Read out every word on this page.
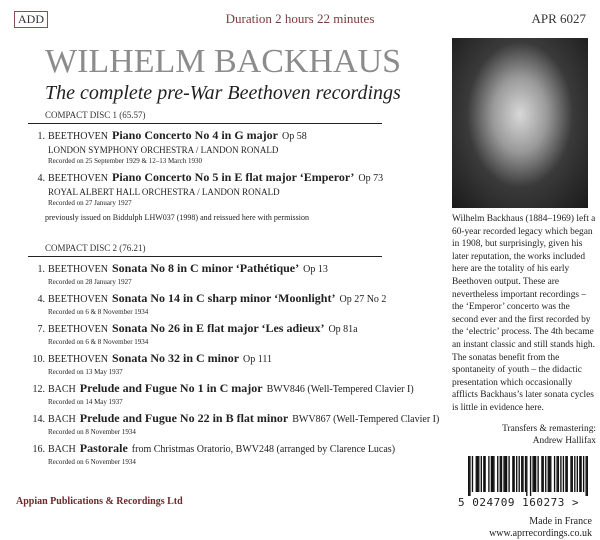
ADD	Duration 2 hours 22 minutes	APR 6027
WILHELM BACKHAUS
The complete pre-War Beethoven recordings
COMPACT DISC 1 (65.57)
1. BEETHOVEN Piano Concerto No 4 in G major Op 58
LONDON SYMPHONY ORCHESTRA / LANDON RONALD
Recorded on 25 September 1929 & 12–13 March 1930
4. BEETHOVEN Piano Concerto No 5 in E flat major ‘Emperor’ Op 73
ROYAL ALBERT HALL ORCHESTRA / LANDON RONALD
Recorded on 27 January 1927
previously issued on Biddulph LHW037 (1998) and reissued here with permission
COMPACT DISC 2 (76.21)
1. BEETHOVEN Sonata No 8 in C minor ‘Pathétique’ Op 13
Recorded on 28 January 1927
4. BEETHOVEN Sonata No 14 in C sharp minor ‘Moonlight’ Op 27 No 2
Recorded on 6 & 8 November 1934
7. BEETHOVEN Sonata No 26 in E flat major ‘Les adieux’ Op 81a
Recorded on 6 & 8 November 1934
10. BEETHOVEN Sonata No 32 in C minor Op 111
Recorded on 13 May 1937
12. BACH Prelude and Fugue No 1 in C major BWV846 (Well-Tempered Clavier I)
Recorded on 14 May 1937
14. BACH Prelude and Fugue No 22 in B flat minor BWV867 (Well-Tempered Clavier I)
Recorded on 8 November 1934
16. BACH Pastorale from Christmas Oratorio, BWV248 (arranged by Clarence Lucas)
Recorded on 6 November 1934
Appian Publications & Recordings Ltd
Wilhelm Backhaus (1884–1969) left a 60-year recorded legacy which began in 1908, but surprisingly, given his later reputation, the works included here are the totality of his early Beethoven output. These are nevertheless important recordings – the ‘Emperor’ concerto was the second ever and the first recorded by the ‘electric’ process. The 4th became an instant classic and still stands high. The sonatas benefit from the spontaneity of youth – the didactic presentation which occasionally afflicts Backhaus’s later sonata cycles is little in evidence here.
Transfers & remastering:
Andrew Hallifax
5 024709 160273 >
Made in France
www.aprrecordings.co.uk
